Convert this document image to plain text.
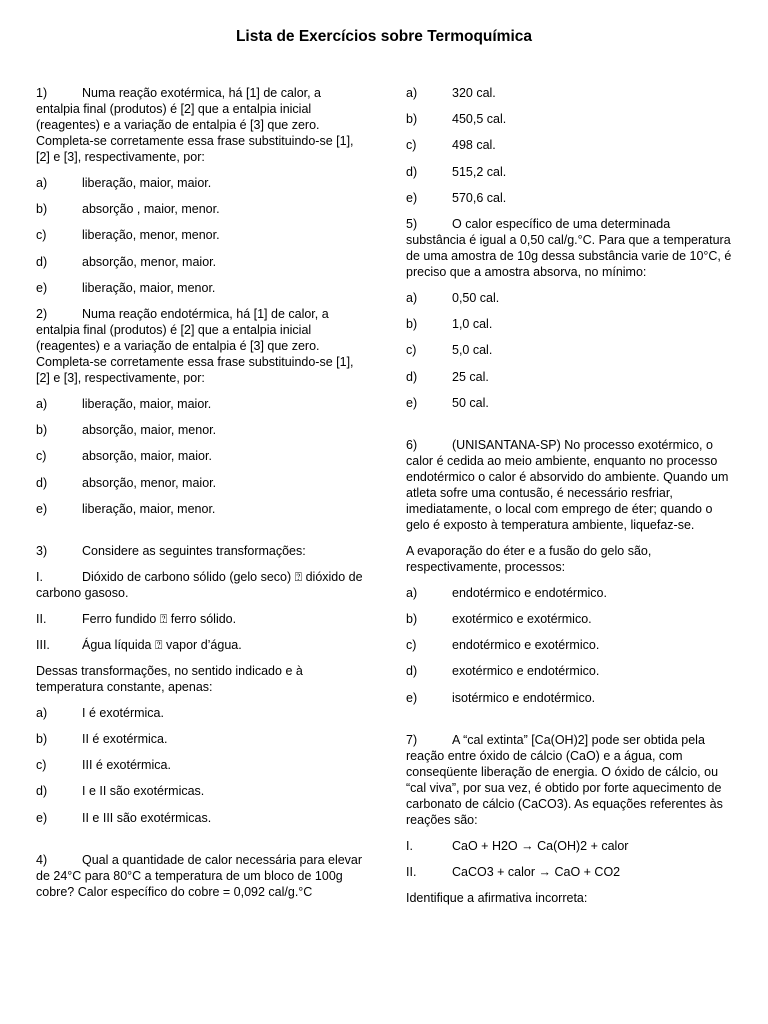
Lista de Exercícios sobre Termoquímica

1)	Numa reação exotérmica, há [1] de calor, a entalpia final (produtos) é [2] que a entalpia inicial (reagentes) e a variação de entalpia é [3] que zero. Completa-se corretamente essa frase substituindo-se [1], [2] e [3], respectivamente, por:

a)	liberação, maior, maior.
b)	absorção , maior, menor.
c)	liberação, menor, menor.
d)	absorção, menor, maior.
e)	liberação, maior, menor.

2)	Numa reação endotérmica, há [1] de calor, a entalpia final (produtos) é [2] que a entalpia inicial (reagentes) e a variação de entalpia é [3] que zero. Completa-se corretamente essa frase substituindo-se [1], [2] e [3], respectivamente, por:

a)	liberação, maior, maior.
b)	absorção, maior, menor.
c)	absorção, maior, maior.
d)	absorção, menor, maior.
e)	liberação, maior, menor.

3)	Considere as seguintes transformações:

I.	Dióxido de carbono sólido (gelo seco) ⍰ dióxido de carbono gasoso.

II.	Ferro fundido ⍰ ferro sólido.

III.	Água líquida ⍰ vapor d’água.

Dessas transformações, no sentido indicado e à temperatura constante, apenas:

a)	I é exotérmica.
b)	II é exotérmica.
c)	III é exotérmica.
d)	I e II são exotérmicas.
e)	II e III são exotérmicas.

4)	Qual a quantidade de calor necessária para elevar de 24°C para 80°C a temperatura de um bloco de 100g cobre? Calor específico do cobre = 0,092 cal/g.°C

a)	320 cal.
b)	450,5 cal.
c)	498 cal.
d)	515,2 cal.
e)	570,6 cal.

5)	O calor específico de uma determinada substância é igual a 0,50 cal/g.°C. Para que a temperatura de uma amostra de 10g dessa substância varie de 10°C, é preciso que a amostra absorva, no mínimo:

a)	0,50 cal.
b)	1,0 cal.
c)	5,0 cal.
d)	25 cal.
e)	50 cal.

6)	(UNISANTANA-SP) No processo exotérmico, o calor é cedida ao meio ambiente, enquanto no processo endotérmico o calor é absorvido do ambiente. Quando um atleta sofre uma contusão, é necessário resfriar, imediatamente, o local com emprego de éter; quando o gelo é exposto à temperatura ambiente, liquefaz-se.

A evaporação do éter e a fusão do gelo são, respectivamente, processos:

a)	endotérmico e endotérmico.
b)	exotérmico e exotérmico.
c)	endotérmico e exotérmico.
d)	exotérmico e endotérmico.
e)	isotérmico e endotérmico.

7)	A “cal extinta” [Ca(OH)2] pode ser obtida pela reação entre óxido de cálcio (CaO) e a água, com conseqüente liberação de energia. O óxido de cálcio, ou “cal viva”, por sua vez, é obtido por forte aquecimento de carbonato de cálcio (CaCO3). As equações referentes às reações são:

I.	CaO + H2O → Ca(OH)2 + calor

II.	CaCO3 + calor → CaO + CO2

Identifique a afirmativa incorreta:
